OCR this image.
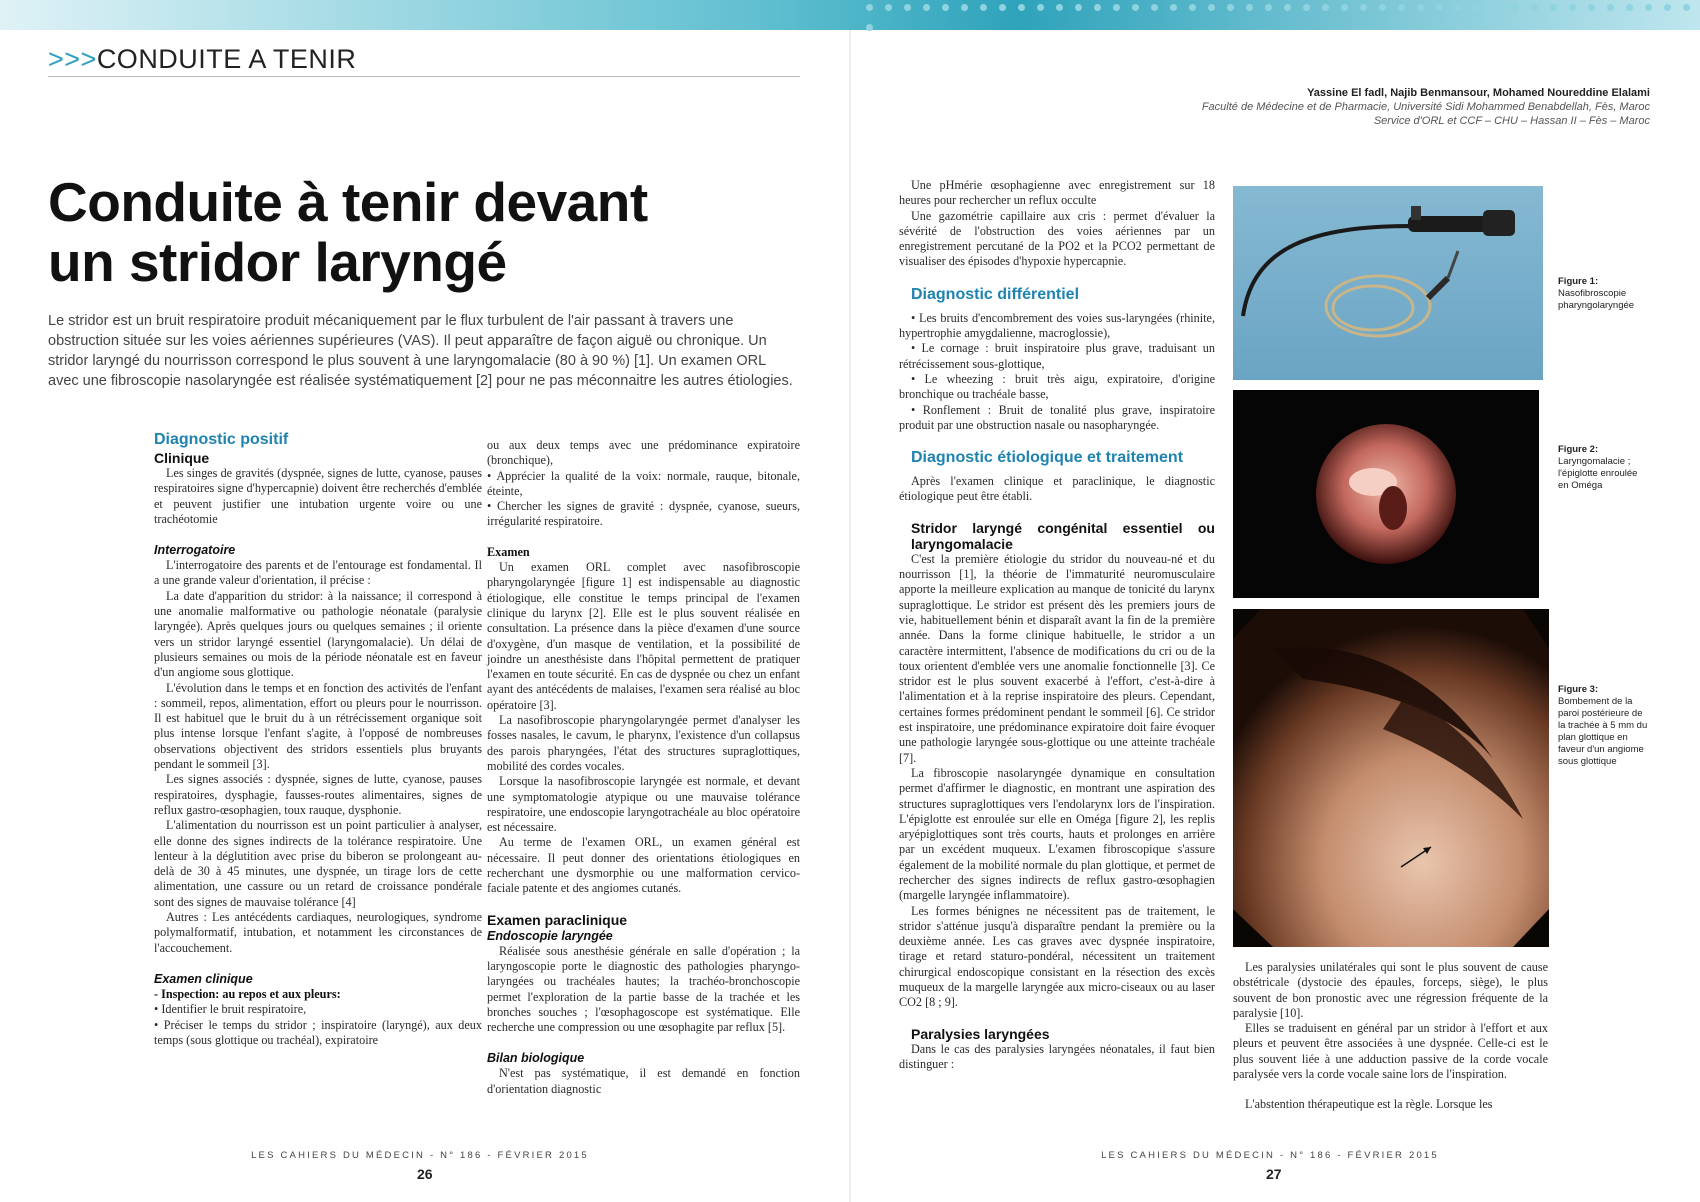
>>>CONDUITE A TENIR
Yassine El fadl, Najib Benmansour, Mohamed Noureddine Elalami
Faculté de Médecine et de Pharmacie, Université Sidi Mohammed Benabdellah, Fès, Maroc
Service d'ORL et CCF – CHU – Hassan II – Fès – Maroc
Conduite à tenir devant
un stridor laryngé
Le stridor est un bruit respiratoire produit mécaniquement par le flux turbulent de l'air passant à travers une obstruction située sur les voies aériennes supérieures (VAS). Il peut apparaître de façon aiguë ou chronique. Un stridor laryngé du nourrisson correspond le plus souvent à une laryngomalacie (80 à 90 %) [1]. Un examen ORL avec une fibroscopie nasolaryngée est réalisée systématiquement [2] pour ne pas méconnaitre les autres étiologies.
Diagnostic positif
Clinique

Les singes de gravités (dyspnée, signes de lutte, cyanose, pauses respiratoires signe d'hypercapnie) doivent être recherchés d'emblée et peuvent justifier une intubation urgente voire ou une trachéotomie

Interrogatoire

L'interrogatoire des parents et de l'entourage est fondamental. Il a une grande valeur d'orientation, il précise :

La date d'apparition du stridor: à la naissance; il correspond à une anomalie malformative ou pathologie néonatale (paralysie laryngée). Après quelques jours ou quelques semaines ; il oriente vers un stridor laryngé essentiel (laryngomalacie). Un délai de plusieurs semaines ou mois de la période néonatale est en faveur d'un angiome sous glottique.

L'évolution dans le temps et en fonction des activités de l'enfant : sommeil, repos, alimentation, effort ou pleurs pour le nourrisson. Il est habituel que le bruit du à un rétrécissement organique soit plus intense lorsque l'enfant s'agite, à l'opposé de nombreuses observations objectivent des stridors essentiels plus bruyants pendant le sommeil [3].

Les signes associés : dyspnée, signes de lutte, cyanose, pauses respiratoires, dysphagie, fausses-routes alimentaires, signes de reflux gastro-œsophagien, toux rauque, dysphonie.

L'alimentation du nourrisson est un point particulier à analyser, elle donne des signes indirects de la tolérance respiratoire. Une lenteur à la déglutition avec prise du biberon se prolongeant au-delà de 30 à 45 minutes, une dyspnée, un tirage lors de cette alimentation, une cassure ou un retard de croissance pondérale sont des signes de mauvaise tolérance [4]

Autres : Les antécédents cardiaques, neurologiques, syndrome polymalformatif, intubation, et notamment les circonstances de l'accouchement.

Examen clinique
- Inspection: au repos et aux pleurs:

• Identifier le bruit respiratoire,

• Préciser le temps du stridor ; inspiratoire (laryngé), aux deux temps (sous glottique ou trachéal), expiratoire

ou aux deux temps avec une prédominance expiratoire (bronchique),

• Apprécier la qualité de la voix: normale, rauque, bitonale, éteinte,

• Chercher les signes de gravité : dyspnée, cyanose, sueurs, irrégularité respiratoire.

Examen

Un examen ORL complet avec nasofibroscopie pharyngolaryngée [figure 1] est indispensable au diagnostic étiologique, elle constitue le temps principal de l'examen clinique du larynx [2]. Elle est le plus souvent réalisée en consultation. La présence dans la pièce d'examen d'une source d'oxygène, d'un masque de ventilation, et la possibilité de joindre un anesthésiste dans l'hôpital permettent de pratiquer l'examen en toute sécurité. En cas de dyspnée ou chez un enfant ayant des antécédents de malaises, l'examen sera réalisé au bloc opératoire [3].

La nasofibroscopie pharyngolaryngée permet d'analyser les fosses nasales, le cavum, le pharynx, l'existence d'un collapsus des parois pharyngées, l'état des structures supraglottiques, mobilité des cordes vocales.

Lorsque la nasofibroscopie laryngée est normale, et devant une symptomatologie atypique ou une mauvaise tolérance respiratoire, une endoscopie laryngotrachéale au bloc opératoire est nécessaire.

Au terme de l'examen ORL, un examen général est nécessaire. Il peut donner des orientations étiologiques en recherchant une dysmorphie ou une malformation cervico-faciale patente et des angiomes cutanés.

Examen paraclinique
Endoscopie laryngée

Réalisée sous anesthésie générale en salle d'opération ; la laryngoscopie porte le diagnostic des pathologies pharyngo-laryngées ou trachéales hautes; la trachéo-bronchoscopie permet l'exploration de la partie basse de la trachée et les bronches souches ; l'œsophagoscope est systématique. Elle recherche une compression ou une œsophagite par reflux [5].

Bilan biologique

N'est pas systématique, il est demandé en fonction d'orientation diagnostic

Une pHmérie œsophagienne avec enregistrement sur 18 heures pour rechercher un reflux occulte

Une gazométrie capillaire aux cris : permet d'évaluer la sévérité de l'obstruction des voies aériennes par un enregistrement percutané de la PO2 et la PCO2 permettant de visualiser des épisodes d'hypoxie hypercapnie.

Diagnostic différentiel

• Les bruits d'encombrement des voies sus-laryngées (rhinite, hypertrophie amygdalienne, macroglossie),

• Le cornage : bruit inspiratoire plus grave, traduisant un rétrécissement sous-glottique,

• Le wheezing : bruit très aigu, expiratoire, d'origine bronchique ou trachéale basse,

• Ronflement : Bruit de tonalité plus grave, inspiratoire produit par une obstruction nasale ou nasopharyngée.

Diagnostic étiologique et traitement

Après l'examen clinique et paraclinique, le diagnostic étiologique peut être établi.

Stridor laryngé congénital essentiel ou laryngomalacie

C'est la première étiologie du stridor du nouveau-né et du nourrisson [1], la théorie de l'immaturité neuromusculaire apporte la meilleure explication au manque de tonicité du larynx supraglottique. Le stridor est présent dès les premiers jours de vie, habituellement bénin et disparaît avant la fin de la première année. Dans la forme clinique habituelle, le stridor a un caractère intermittent, l'absence de modifications du cri ou de la toux orientent d'emblée vers une anomalie fonctionnelle [3]. Ce stridor est le plus souvent exacerbé à l'effort, c'est-à-dire à l'alimentation et à la reprise inspiratoire des pleurs. Cependant, certaines formes prédominent pendant le sommeil [6]. Ce stridor est inspiratoire, une prédominance expiratoire doit faire évoquer une pathologie laryngée sous-glottique ou une atteinte trachéale [7].

La fibroscopie nasolaryngée dynamique en consultation permet d'affirmer le diagnostic, en montrant une aspiration des structures supraglottiques vers l'endolarynx lors de l'inspiration. L'épiglotte est enroulée sur elle en Oméga [figure 2], les replis aryépiglottiques sont très courts, hauts et prolonges en arrière par un excédent muqueux. L'examen fibroscopique s'assure également de la mobilité normale du plan glottique, et permet de rechercher des signes indirects de reflux gastro-œsophagien (margelle laryngée inflammatoire).

Les formes bénignes ne nécessitent pas de traitement, le stridor s'atténue jusqu'à disparaître pendant la première ou la deuxième année. Les cas graves avec dyspnée inspiratoire, tirage et retard staturo-pondéral, nécessitent un traitement chirurgical endoscopique consistant en la résection des excès muqueux de la margelle laryngée aux micro-ciseaux ou au laser CO2 [8 ; 9].

Paralysies laryngées

Dans le cas des paralysies laryngées néonatales, il faut bien distinguer :

Les paralysies unilatérales qui sont le plus souvent de cause obstétricale (dystocie des épaules, forceps, siège), le plus souvent de bon pronostic avec une régression fréquente de la paralysie [10].

Elles se traduisent en général par un stridor à l'effort et aux pleurs et peuvent être associées à une dyspnée. Celle-ci est le plus souvent liée à une adduction passive de la corde vocale paralysée vers la corde vocale saine lors de l'inspiration.

L'abstention thérapeutique est la règle. Lorsque les

Figure 1:
Nasofibroscopie pharyngolaryngée
Figure 2:
Laryngomalacie ; l'épiglotte enroulée en Oméga
Figure 3:
Bombement de la paroi postérieure de la trachée à 5 mm du plan glottique en faveur d'un angiome sous glottique
LES CAHIERS DU MÉDECIN - N° 186 - FÉVRIER 2015
26
LES CAHIERS DU MÉDECIN - N° 186 - FÉVRIER 2015
27
